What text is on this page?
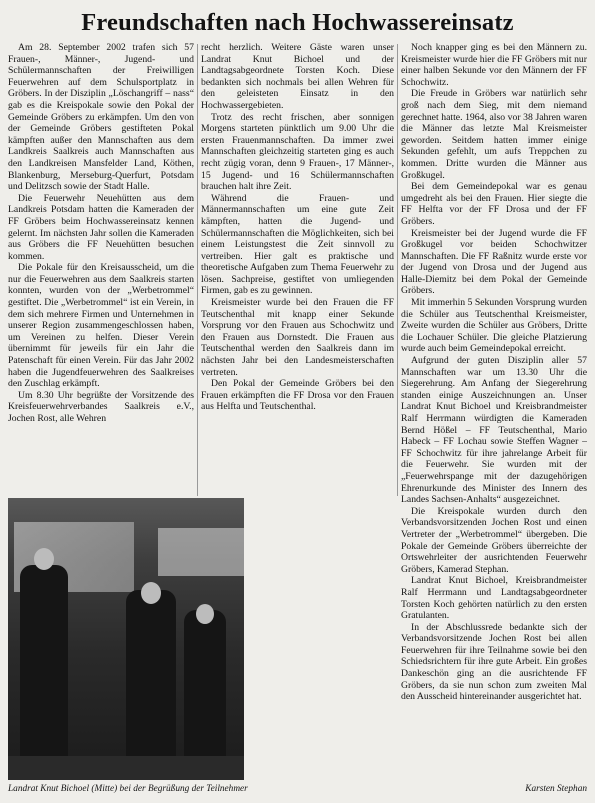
Freundschaften nach Hochwassereinsatz

Am 28. September 2002 trafen sich 57 Frauen-, Männer-, Jugend- und Schülermannschaften der Freiwilligen Feuerwehren auf dem Schulsportplatz in Gröbers. In der Disziplin „Löschangriff – nass“ gab es die Kreispokale sowie den Pokal der Gemeinde Gröbers zu erkämpfen. Um den von der Gemeinde Gröbers gestifteten Pokal kämpften außer den Mannschaften aus dem Landkreis Saalkreis auch Mannschaften aus den Landkreisen Mansfelder Land, Köthen, Blankenburg, Merseburg-Querfurt, Potsdam und Delitzsch sowie der Stadt Halle.

Die Feuerwehr Neuehütten aus dem Landkreis Potsdam hatten die Kameraden der FF Gröbers beim Hochwassereinsatz kennen gelernt. Im nächsten Jahr sollen die Kameraden aus Gröbers die FF Neuehütten besuchen kommen.

Die Pokale für den Kreisausscheid, um die nur die Feuerwehren aus dem Saalkreis starten konnten, wurden von der „Werbetrommel“ gestiftet. Die „Werbetrommel“ ist ein Verein, in dem sich mehrere Firmen und Unternehmen in unserer Region zusammengeschlossen haben, um Vereinen zu helfen. Dieser Verein übernimmt für jeweils für ein Jahr die Patenschaft für einen Verein. Für das Jahr 2002 haben die Jugendfeuerwehren des Saalkreises den Zuschlag erkämpft.

Um 8.30 Uhr begrüßte der Vorsitzende des Kreisfeuerwehrverbandes Saalkreis e.V., Jochen Rost, alle Wehren

recht herzlich. Weitere Gäste waren unser Landrat Knut Bichoel und der Landtagsabgeordnete Torsten Koch. Diese bedankten sich nochmals bei allen Wehren für den geleisteten Einsatz in den Hochwassergebieten.

Trotz des recht frischen, aber sonnigen Morgens starteten pünktlich um 9.00 Uhr die ersten Frauenmannschaften. Da immer zwei Mannschaften gleichzeitig starteten ging es auch recht zügig voran, denn 9 Frauen-, 17 Männer-, 15 Jugend- und 16 Schülermannschaften brauchen halt ihre Zeit.

Während die Frauen- und Männermannschaften um eine gute Zeit kämpften, hatten die Jugend- und Schülermannschaften die Möglichkeiten, sich bei einem Leistungstest die Zeit sinnvoll zu vertreiben. Hier galt es praktische und theoretische Aufgaben zum Thema Feuerwehr zu lösen. Sachpreise, gestiftet von umliegenden Firmen, gab es zu gewinnen.

Kreismeister wurde bei den Frauen die FF Teutschenthal mit knapp einer Sekunde Vorsprung vor den Frauen aus Schochwitz und den Frauen aus Dornstedt. Die Frauen aus Teutschenthal werden den Saalkreis dann im nächsten Jahr bei den Landesmeisterschaften vertreten.

Den Pokal der Gemeinde Gröbers bei den Frauen erkämpften die FF Drosa vor den Frauen aus Helfta und Teutschenthal.

Noch knapper ging es bei den Männern zu. Kreismeister wurde hier die FF Gröbers mit nur einer halben Sekunde vor den Männern der FF Schochwitz.

Die Freude in Gröbers war natürlich sehr groß nach dem Sieg, mit dem niemand gerechnet hatte. 1964, also vor 38 Jahren waren die Männer das letzte Mal Kreismeister geworden. Seitdem hatten immer einige Sekunden gefehlt, um aufs Treppchen zu kommen. Dritte wurden die Männer aus Großkugel.

Bei dem Gemeindepokal war es genau umgedreht als bei den Frauen. Hier siegte die FF Helfta vor der FF Drosa und der FF Gröbers.

Kreismeister bei der Jugend wurde die FF Großkugel vor beiden Schochwitzer Mannschaften. Die FF Raßnitz wurde erste vor der Jugend von Drosa und der Jugend aus Halle-Diemitz bei dem Pokal der Gemeinde Gröbers.

Mit immerhin 5 Sekunden Vorsprung wurden die Schüler aus Teutschenthal Kreismeister, Zweite wurden die Schüler aus Gröbers, Dritte die Lochauer Schüler. Die gleiche Platzierung wurde auch beim Gemeindepokal erreicht.

Aufgrund der guten Disziplin aller 57 Mannschaften war um 13.30 Uhr die Siegerehrung. Am Anfang der Siegerehrung standen einige Auszeichnungen an. Unser Landrat Knut Bichoel und Kreisbrandmeister Ralf Herrmann würdigten die Kameraden Bernd Hößel – FF Teutschenthal, Mario Habeck – FF Lochau sowie Steffen Wagner – FF Schochwitz für ihre jahrelange Arbeit für die Feuerwehr. Sie wurden mit der „Feuerwehrspange mit der dazugehörigen Ehrenurkunde des Minister des Innern des Landes Sachsen-Anhalts“ ausgezeichnet.

Die Kreispokale wurden durch den Verbandsvorsitzenden Jochen Rost und einen Vertreter der „Werbetrommel“ übergeben. Die Pokale der Gemeinde Gröbers überreichte der Ortswehrleiter der ausrichtenden Feuerwehr Gröbers, Kamerad Stephan.

Landrat Knut Bichoel, Kreisbrandmeister Ralf Herrmann und Landtagsabgeordneter Torsten Koch gehörten natürlich zu den ersten Gratulanten.

In der Abschlussrede bedankte sich der Verbandsvorsitzende Jochen Rost bei allen Feuerwehren für ihre Teilnahme sowie bei den Schiedsrichtern für ihre gute Arbeit. Ein großes Dankeschön ging an die ausrichtende FF Gröbers, da sie nun schon zum zweiten Mal den Ausscheid hintereinander ausgerichtet hat.

Landrat Knut Bichoel (Mitte) bei der Begrüßung der Teilnehmer	Karsten Stephan
